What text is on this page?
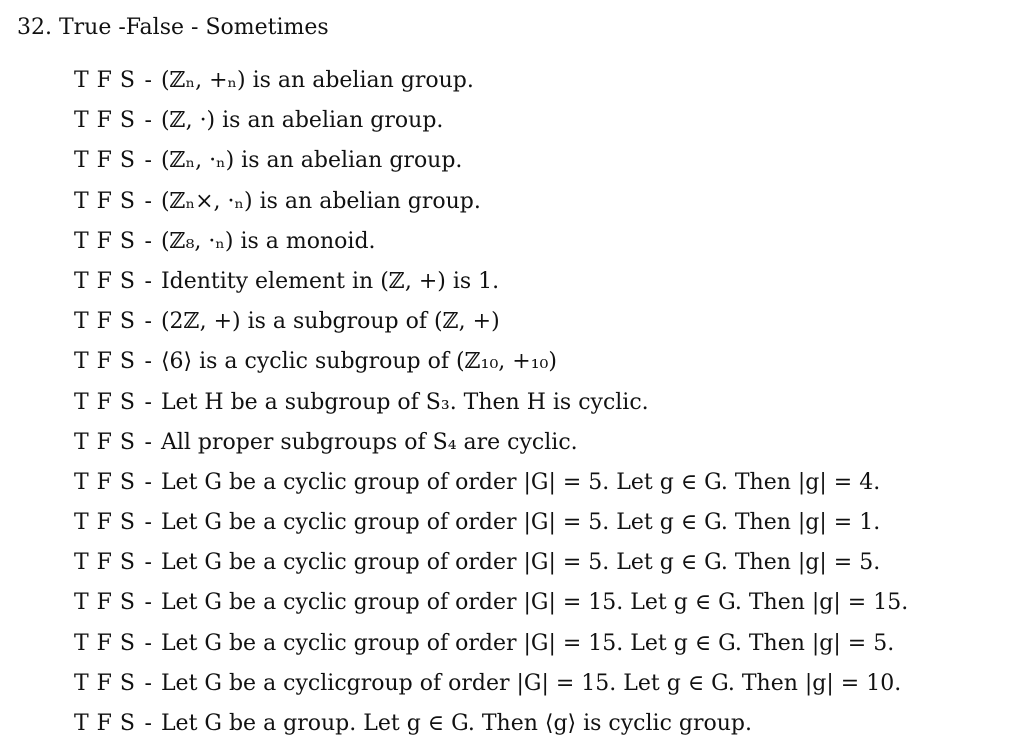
32. True -False - Sometimes
T F S - (ℤₙ, +ₙ) is an abelian group.
T F S - (ℤ, ·) is an abelian group.
T F S - (ℤₙ, ·ₙ) is an abelian group.
T F S - (ℤₙ×, ·ₙ) is an abelian group.
T F S - (ℤ₈, ·ₙ) is a monoid.
T F S - Identity element in (ℤ, +) is 1.
T F S - (2ℤ, +) is a subgroup of (ℤ, +)
T F S - ⟨6⟩ is a cyclic subgroup of (ℤ₁₀, +₁₀)
T F S - Let H be a subgroup of S₃. Then H is cyclic.
T F S - All proper subgroups of S₄ are cyclic.
T F S - Let G be a cyclic group of order |G| = 5. Let g ∈ G. Then |g| = 4.
T F S - Let G be a cyclic group of order |G| = 5. Let g ∈ G. Then |g| = 1.
T F S - Let G be a cyclic group of order |G| = 5. Let g ∈ G. Then |g| = 5.
T F S - Let G be a cyclic group of order |G| = 15. Let g ∈ G. Then |g| = 15.
T F S - Let G be a cyclic group of order |G| = 15. Let g ∈ G. Then |g| = 5.
T F S - Let G be a cyclicgroup of order |G| = 15. Let g ∈ G. Then |g| = 10.
T F S - Let G be a group. Let g ∈ G. Then ⟨g⟩ is cyclic group.
